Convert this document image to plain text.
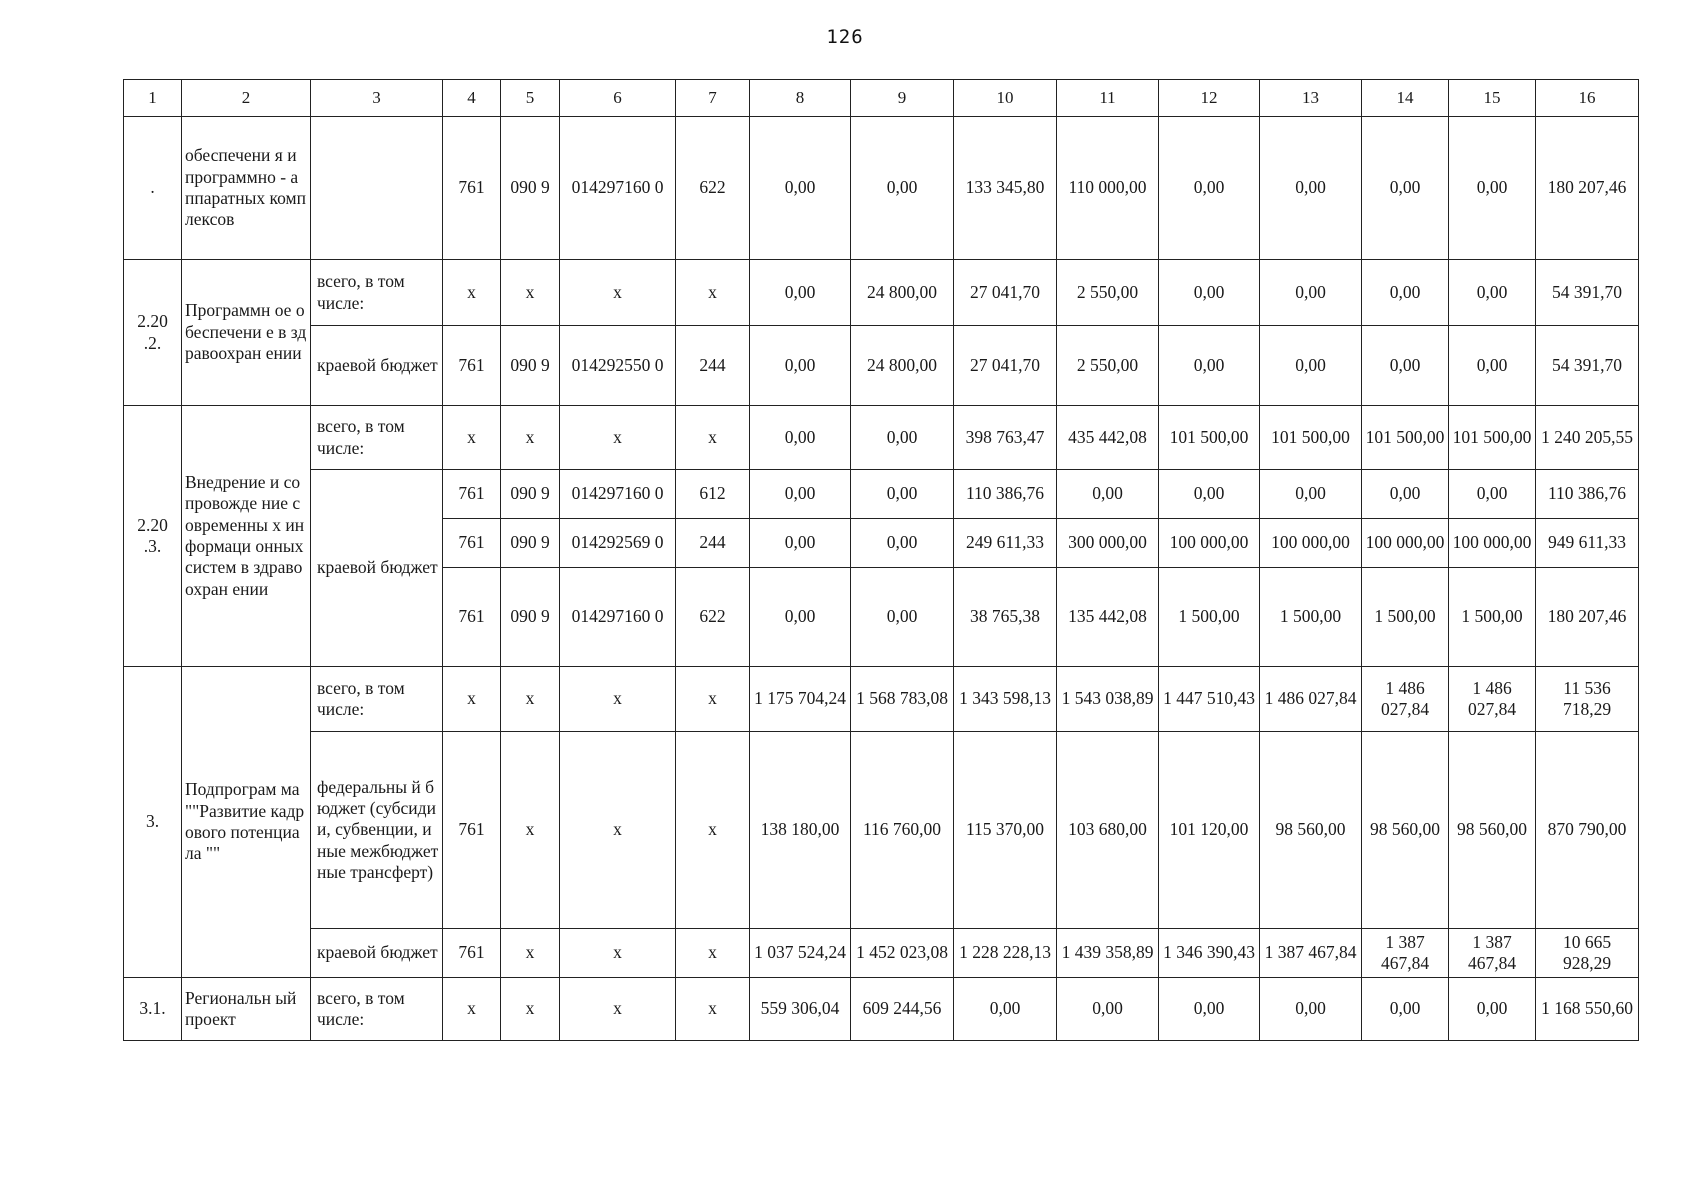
126
1	2	3	4	5	6	7	8	9	10	11	12	13	14	15	16
.	обеспечени я и программно - аппаратных комплексов		761	090 9	014297160 0	622	0,00	0,00	133 345,80	110 000,00	0,00	0,00	0,00	0,00	180 207,46
2.20 .2.	Программн ое обеспечени е в здравоохран ении	всего, в том числе:	х	х	х	х	0,00	24 800,00	27 041,70	2 550,00	0,00	0,00	0,00	0,00	54 391,70
		краевой бюджет	761	090 9	014292550 0	244	0,00	24 800,00	27 041,70	2 550,00	0,00	0,00	0,00	0,00	54 391,70
2.20 .3.	Внедрение и сопровожде ние современны х информаци онных систем в здравоохран ении	всего, в том числе:	х	х	х	х	0,00	0,00	398 763,47	435 442,08	101 500,00	101 500,00	101 500,00	101 500,00	1 240 205,55
		краевой бюджет	761	090 9	014297160 0	612	0,00	0,00	110 386,76	0,00	0,00	0,00	0,00	0,00	110 386,76
			761	090 9	014292569 0	244	0,00	0,00	249 611,33	300 000,00	100 000,00	100 000,00	100 000,00	100 000,00	949 611,33
			761	090 9	014297160 0	622	0,00	0,00	38 765,38	135 442,08	1 500,00	1 500,00	1 500,00	1 500,00	180 207,46
3.	Подпрограм ма ""Развитие кадрового потенциала ""	всего, в том числе:	х	х	х	х	1 175 704,24	1 568 783,08	1 343 598,13	1 543 038,89	1 447 510,43	1 486 027,84	1 486 027,84	1 486 027,84	11 536 718,29
		федеральны й бюджет (субсидии, субвенции, иные межбюджет ные трансферт)	761	х	х	х	138 180,00	116 760,00	115 370,00	103 680,00	101 120,00	98 560,00	98 560,00	98 560,00	870 790,00
		краевой бюджет	761	х	х	х	1 037 524,24	1 452 023,08	1 228 228,13	1 439 358,89	1 346 390,43	1 387 467,84	1 387 467,84	1 387 467,84	10 665 928,29
3.1.	Региональн ый проект	всего, в том числе:	х	х	х	х	559 306,04	609 244,56	0,00	0,00	0,00	0,00	0,00	0,00	1 168 550,60
